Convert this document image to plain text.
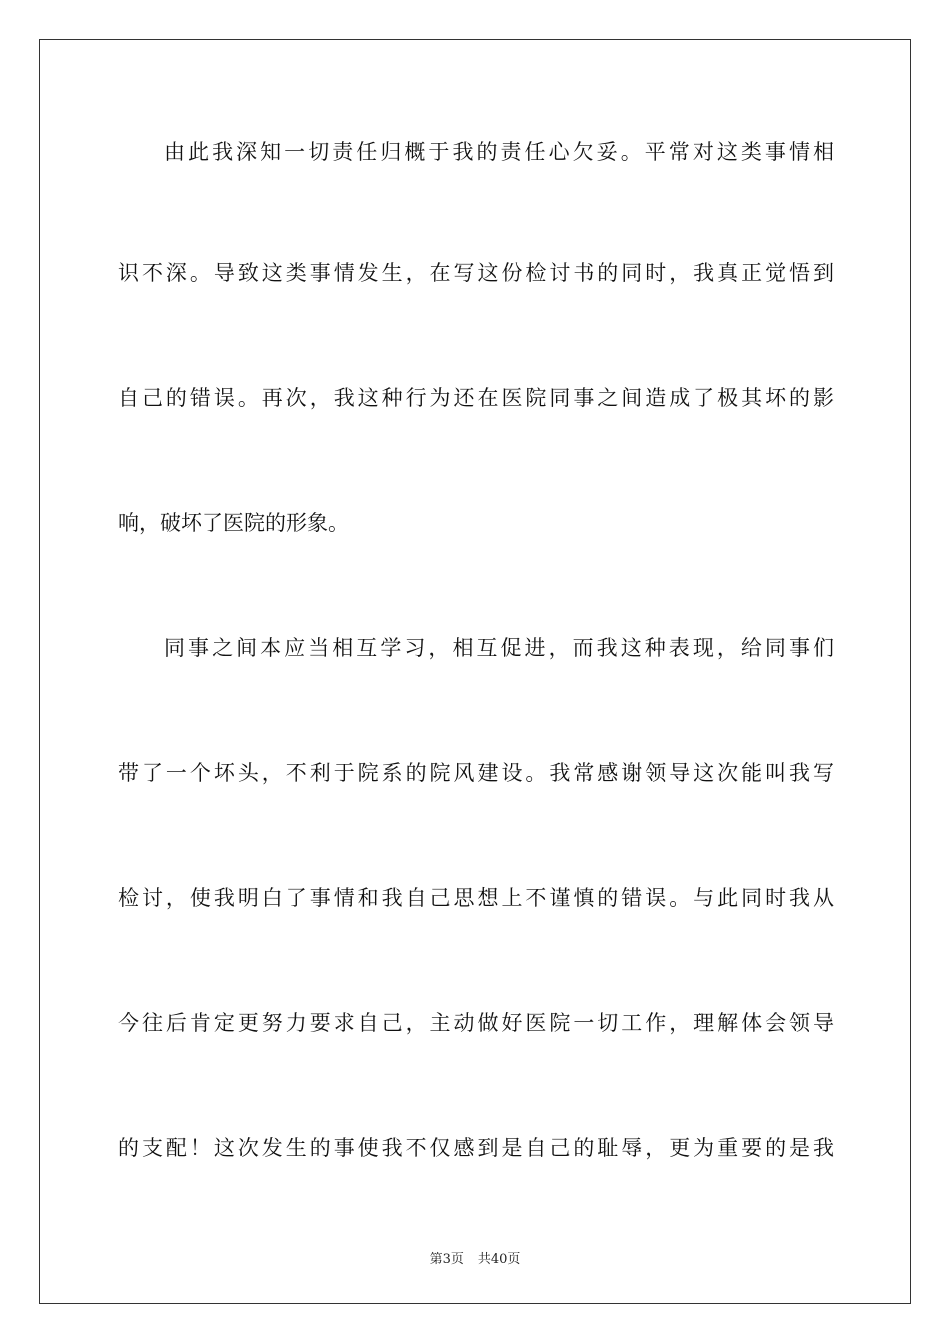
由此我深知一切责任归概于我的责任心欠妥。平常对这类事情相
识不深。导致这类事情发生，在写这份检讨书的同时，我真正觉悟到
自己的错误。再次，我这种行为还在医院同事之间造成了极其坏的影
响，破坏了医院的形象。
同事之间本应当相互学习，相互促进，而我这种表现，给同事们
带了一个坏头，不利于院系的院风建设。我常感谢领导这次能叫我写
检讨，使我明白了事情和我自己思想上不谨慎的错误。与此同时我从
今往后肯定更努力要求自己，主动做好医院一切工作，理解体会领导
的支配！这次发生的事使我不仅感到是自己的耻辱，更为重要的是我
第3页 共40页
